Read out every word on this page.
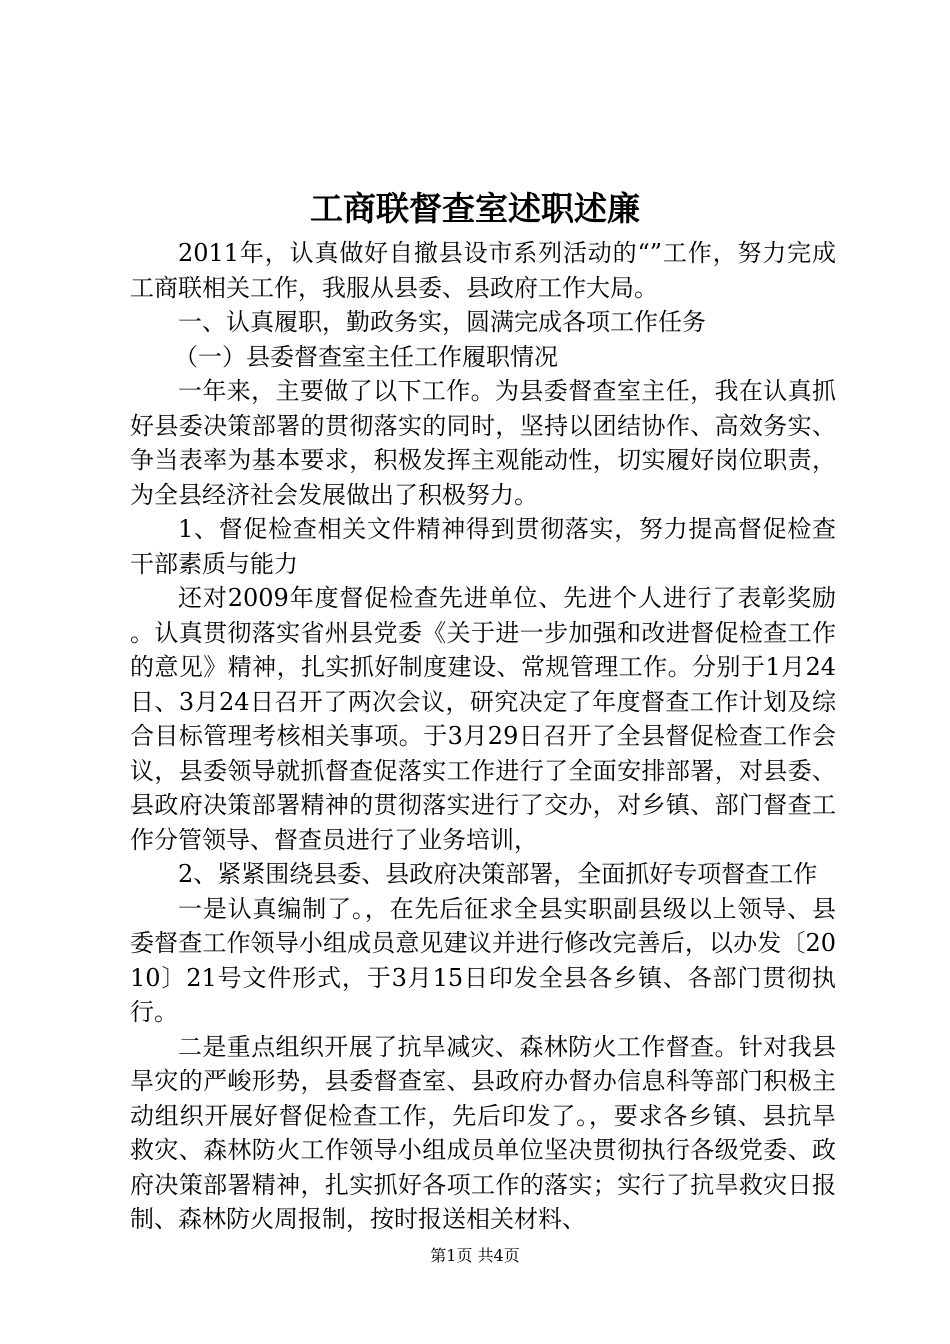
工商联督查室述职述廉

2011年，认真做好自撤县设市系列活动的“”工作，努力完成工商联相关工作，我服从县委、县政府工作大局。

一、认真履职，勤政务实，圆满完成各项工作任务

（一）县委督查室主任工作履职情况

一年来，主要做了以下工作。为县委督查室主任，我在认真抓好县委决策部署的贯彻落实的同时，坚持以团结协作、高效务实、争当表率为基本要求，积极发挥主观能动性，切实履好岗位职责，为全县经济社会发展做出了积极努力。

1、督促检查相关文件精神得到贯彻落实，努力提高督促检查干部素质与能力

还对2009年度督促检查先进单位、先进个人进行了表彰奖励。认真贯彻落实省州县党委《关于进一步加强和改进督促检查工作的意见》精神，扎实抓好制度建设、常规管理工作。分别于1月24日、3月24日召开了两次会议，研究决定了年度督查工作计划及综合目标管理考核相关事项。于3月29日召开了全县督促检查工作会议，县委领导就抓督查促落实工作进行了全面安排部署，对县委、县政府决策部署精神的贯彻落实进行了交办，对乡镇、部门督查工作分管领导、督查员进行了业务培训，

2、紧紧围绕县委、县政府决策部署，全面抓好专项督查工作

一是认真编制了。，在先后征求全县实职副县级以上领导、县委督查工作领导小组成员意见建议并进行修改完善后，以办发〔2010〕21号文件形式，于3月15日印发全县各乡镇、各部门贯彻执行。

二是重点组织开展了抗旱减灾、森林防火工作督查。针对我县旱灾的严峻形势，县委督查室、县政府办督办信息科等部门积极主动组织开展好督促检查工作，先后印发了。，要求各乡镇、县抗旱救灾、森林防火工作领导小组成员单位坚决贯彻执行各级党委、政府决策部署精神，扎实抓好各项工作的落实；实行了抗旱救灾日报制、森林防火周报制，按时报送相关材料、

第1页 共4页
